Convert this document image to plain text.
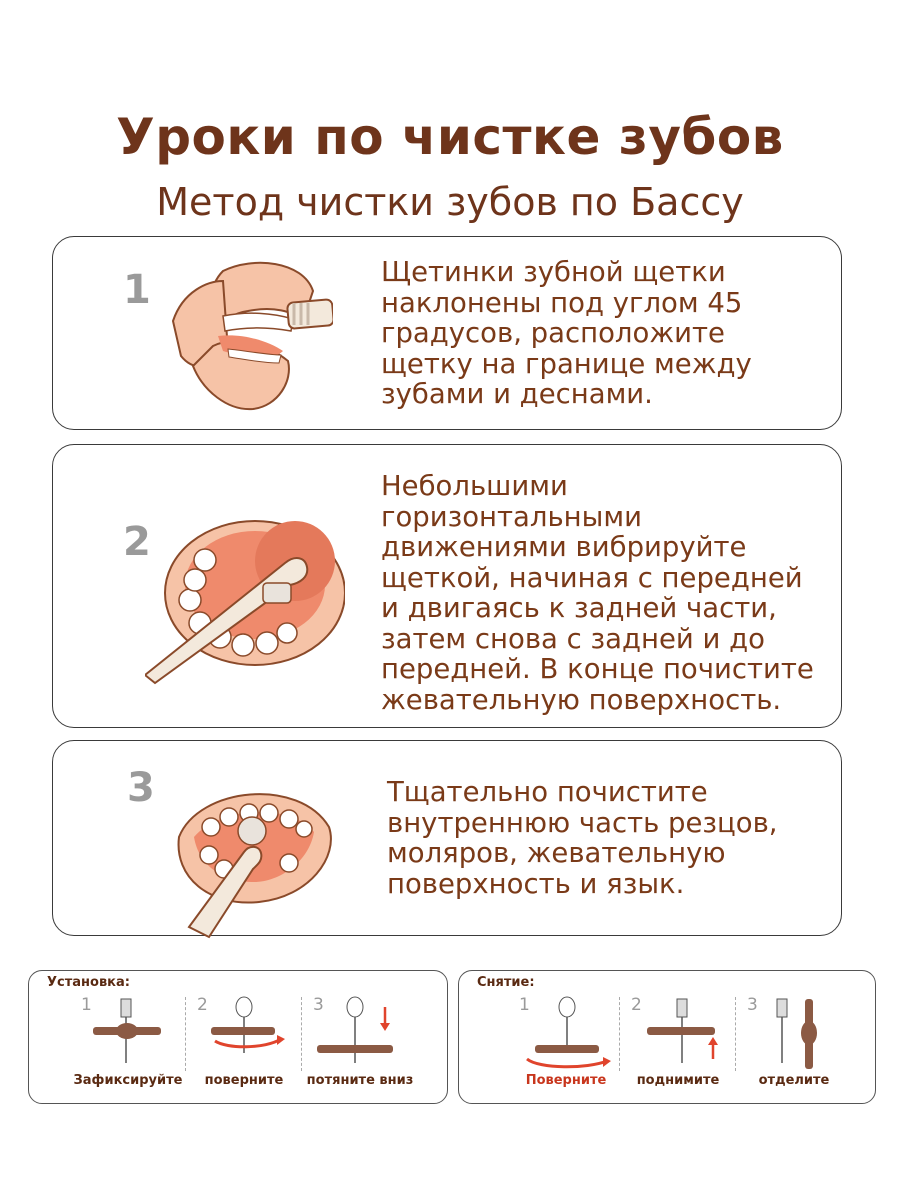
Уроки по чистке зубов
Метод чистки зубов по Бассу
1	Щетинки зубной щетки
наклонены под углом 45
градусов, расположите
щетку на границе между
зубами и деснами.
2
Небольшими
горизонтальными
движениями вибрируйте
щеткой, начиная с передней
и двигаясь к задней части,
затем снова с задней и до
передней. В конце почистите
жевательную поверхность.
3	Тщательно почистите
внутреннюю часть резцов,
моляров, жевательную
поверхность и язык.
Установка:
1
Зафиксируйте
2
поверните
3
потяните вниз
Снятие:
1
Поверните
2
поднимите
3
отделите
